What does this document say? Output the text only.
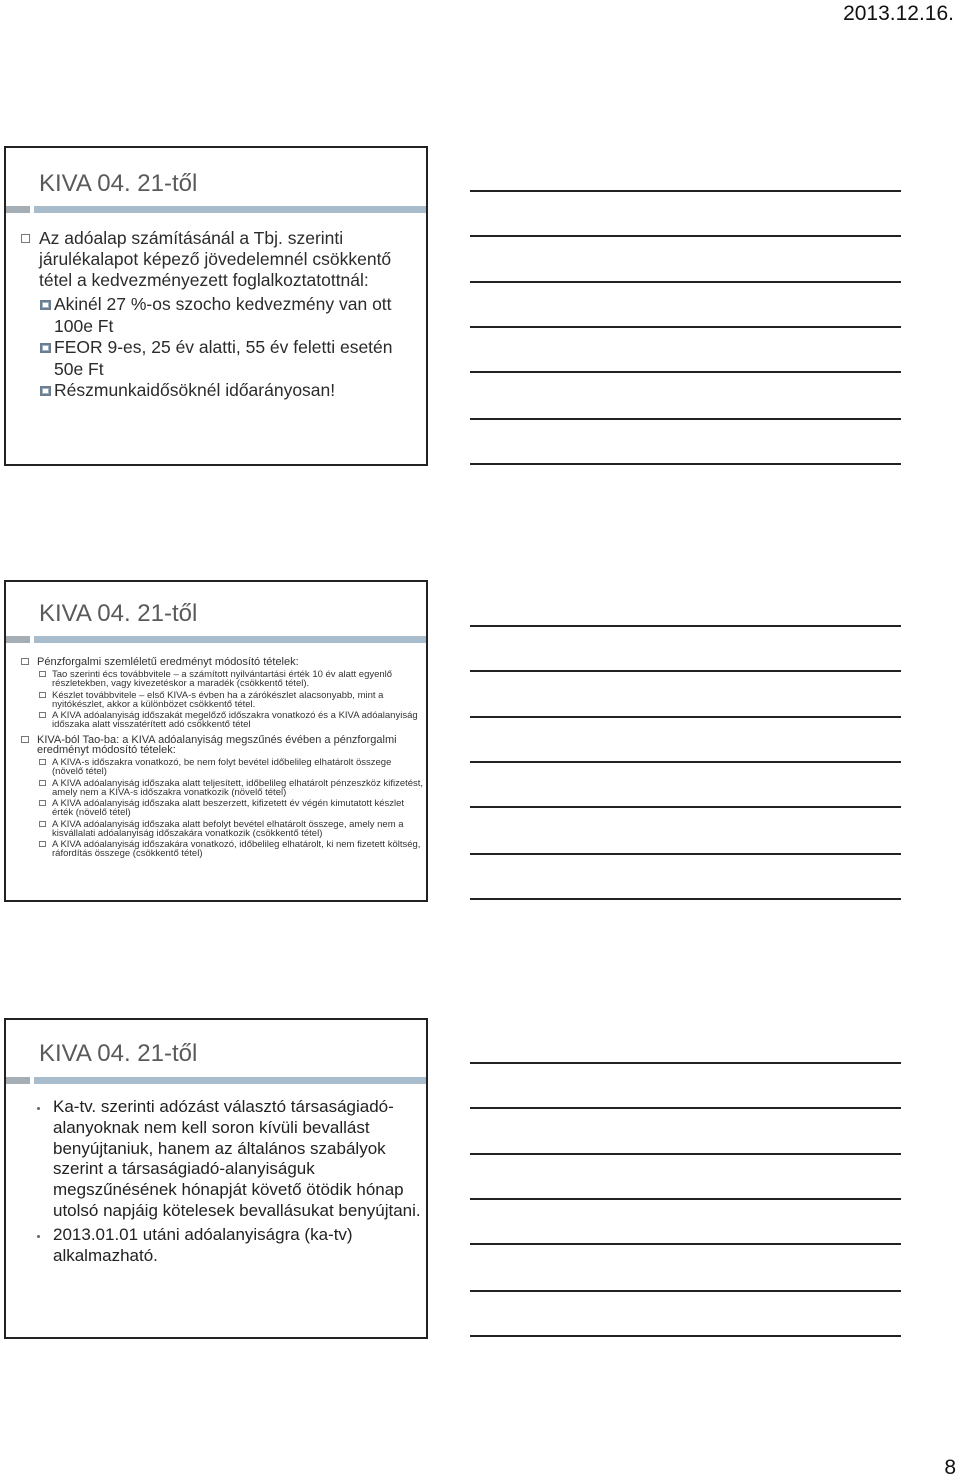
2013.12.16.
KIVA 04. 21-től
Az adóalap számításánál a Tbj. szerinti járulékalapot képező jövedelemnél csökkentő tétel a kedvezményezett foglalkoztatottnál:
Akinél 27 %-os szocho kedvezmény van ott 100e Ft
FEOR 9-es, 25 év alatti, 55 év feletti esetén 50e Ft
Részmunkaidősöknél időarányosan!
KIVA 04. 21-től
Pénzforgalmi szemléletű eredményt módosító tételek:
Tao szerinti écs továbbvitele – a számított nyilvántartási érték 10 év alatt egyenlő részletekben, vagy kivezetéskor a maradék (csökkentő tétel).
Készlet továbbvitele – első KIVA-s évben ha a zárókészlet alacsonyabb, mint a nyitókészlet, akkor a különbözet csökkentő tétel.
A KIVA adóalanyiság időszakát megelőző időszakra vonatkozó és a KIVA adóalanyiság időszaka alatt visszatérített adó csökkentő tétel
KIVA-ból Tao-ba: a KIVA adóalanyiság megszűnés évében a pénzforgalmi eredményt módosító tételek:
A KIVA-s időszakra vonatkozó, be nem folyt bevétel időbelileg elhatárolt összege (növelő tétel)
A KIVA adóalanyiság időszaka alatt teljesített, időbelileg elhatárolt pénzeszköz kifizetést, amely nem a KIVA-s időszakra vonatkozik (növelő tétel)
A KIVA adóalanyiság időszaka alatt beszerzett, kifizetett év végén kimutatott készlet érték (növelő tétel)
A KIVA adóalanyiság időszaka alatt befolyt bevétel elhatárolt összege, amely nem a kisvállalati adóalanyiság időszakára vonatkozik (csökkentő tétel)
A KIVA adóalanyiság időszakára vonatkozó, időbelileg elhatárolt, ki nem fizetett költség, ráfordítás összege (csökkentő tétel)
KIVA 04. 21-től
Ka-tv. szerinti adózást választó társaságiadó-alanyoknak nem kell soron kívüli bevallást benyújtaniuk, hanem az általános szabályok szerint a társaságiadó-alanyiságuk megszűnésének hónapját követő ötödik hónap utolsó napjáig kötelesek bevallásukat benyújtani.
2013.01.01 utáni adóalanyiságra (ka-tv) alkalmazható.
8
